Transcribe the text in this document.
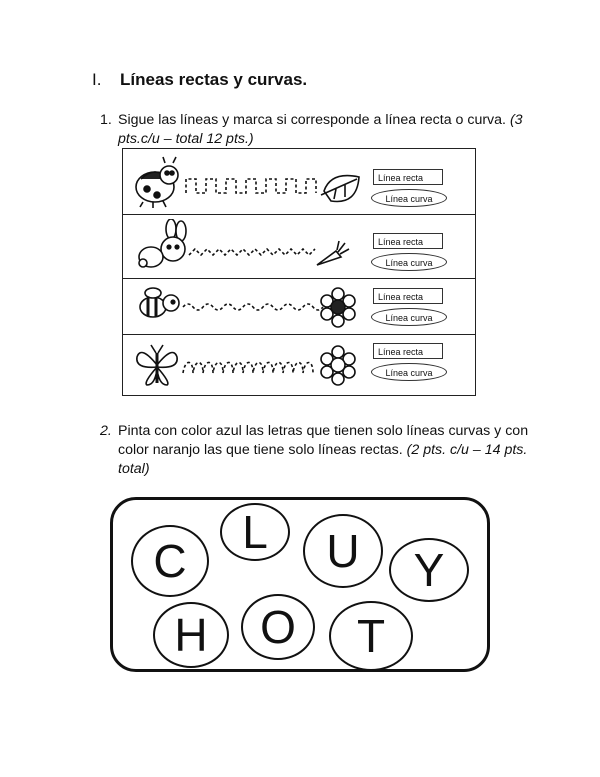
I.	Líneas rectas y curvas.
1. Sigue las líneas y marca si corresponde a línea recta o curva. (3 pts.c/u – total 12 pts.)
Línea recta
Línea curva
Línea recta
Línea curva
Línea recta
Línea curva
Línea recta
Línea curva
2. Pinta con color azul las letras que tienen solo líneas curvas y con color naranjo las que tiene solo líneas rectas. (2 pts. c/u – 14 pts. total)
C
L	U	Y
H	O	T
